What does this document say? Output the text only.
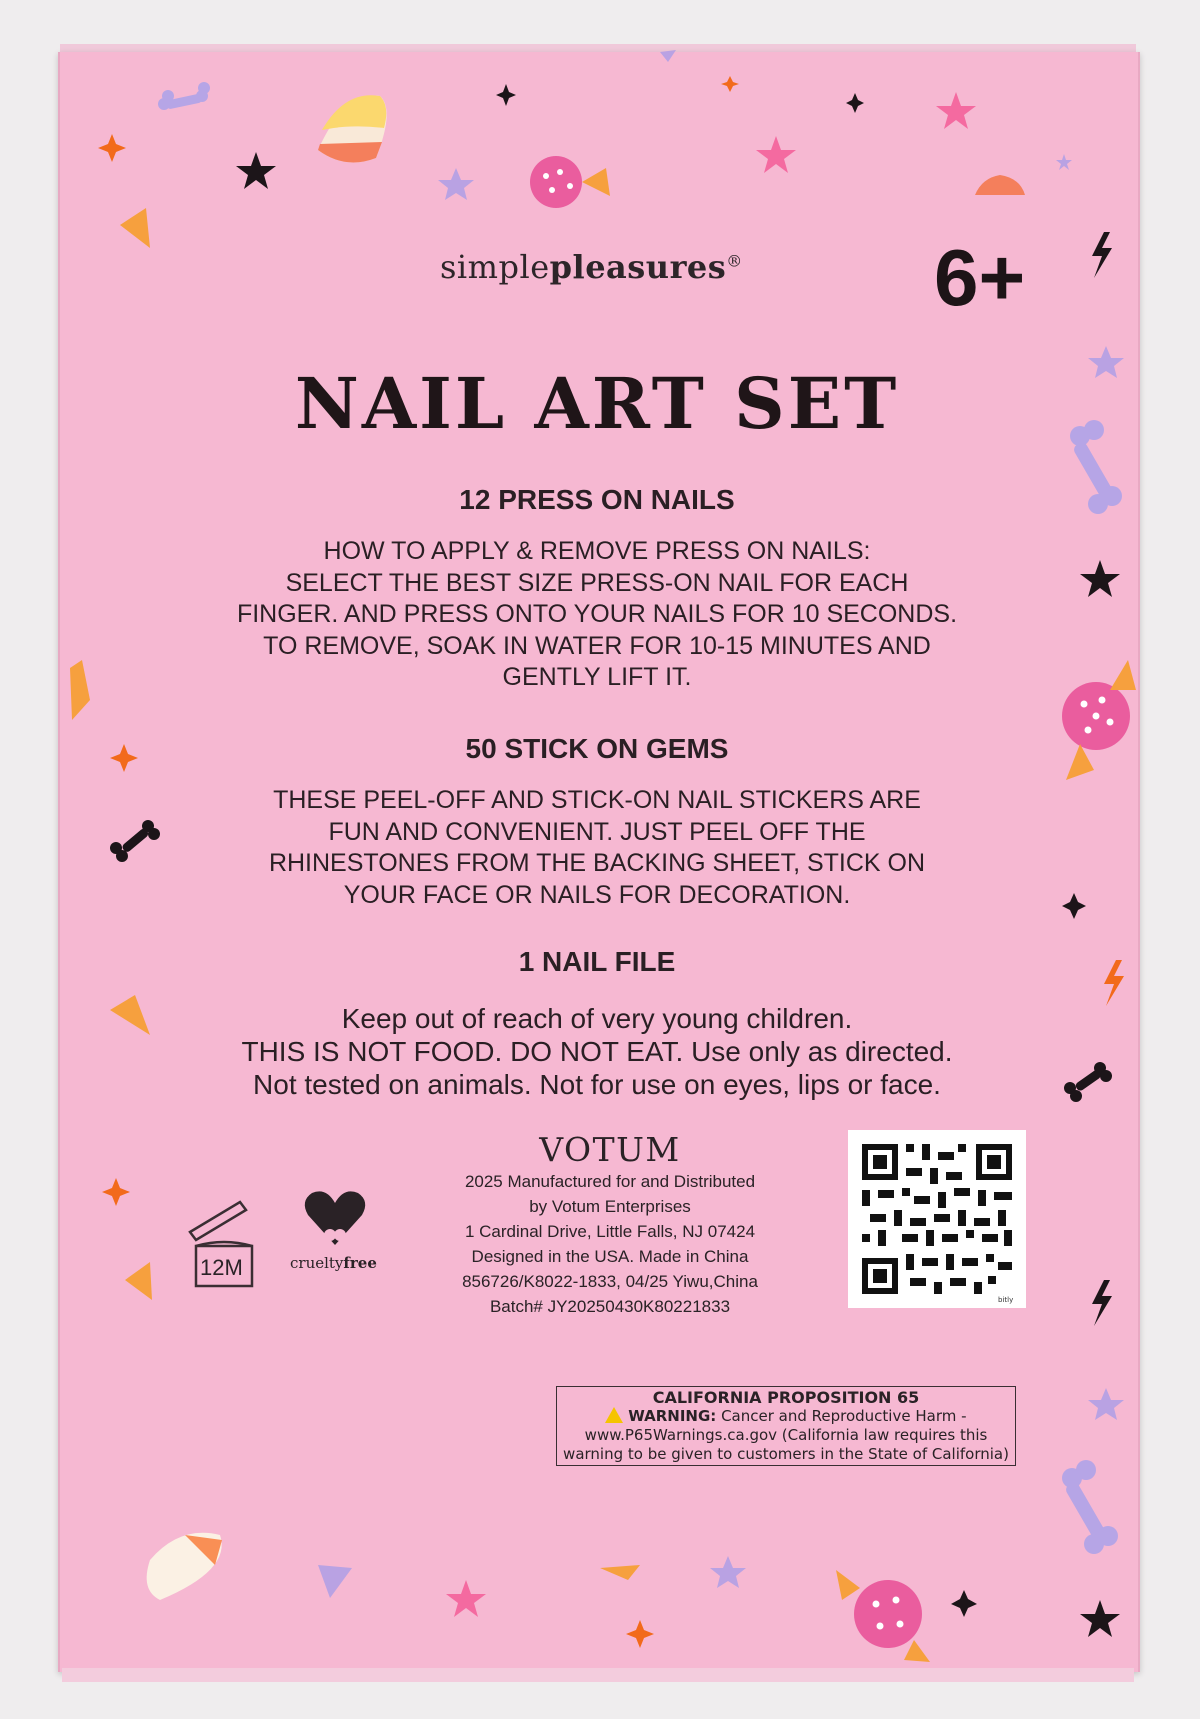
simplepleasures® 6+
NAIL ART SET
12 PRESS ON NAILS
HOW TO APPLY & REMOVE PRESS ON NAILS:
SELECT THE BEST SIZE PRESS-ON NAIL FOR EACH
FINGER. AND PRESS ONTO YOUR NAILS FOR 10 SECONDS.
TO REMOVE, SOAK IN WATER FOR 10-15 MINUTES AND
GENTLY LIFT IT.
50 STICK ON GEMS
THESE PEEL-OFF AND STICK-ON NAIL STICKERS ARE
FUN AND CONVENIENT. JUST PEEL OFF THE
RHINESTONES FROM THE BACKING SHEET, STICK ON
YOUR FACE OR NAILS FOR DECORATION.
1 NAIL FILE
Keep out of reach of very young children.
THIS IS NOT FOOD. DO NOT EAT. Use only as directed.
Not tested on animals. Not for use on eyes, lips or face.
12M	crueltyfree
VOTUM
2025 Manufactured for and Distributed
by Votum Enterprises
1 Cardinal Drive, Little Falls, NJ 07424
Designed in the USA. Made in China
856726/K8022-1833, 04/25 Yiwu,China
Batch# JY20250430K80221833	bitly
CALIFORNIA PROPOSITION 65
WARNING: Cancer and Reproductive Harm -
www.P65Warnings.ca.gov (California law requires this
warning to be given to customers in the State of California)
